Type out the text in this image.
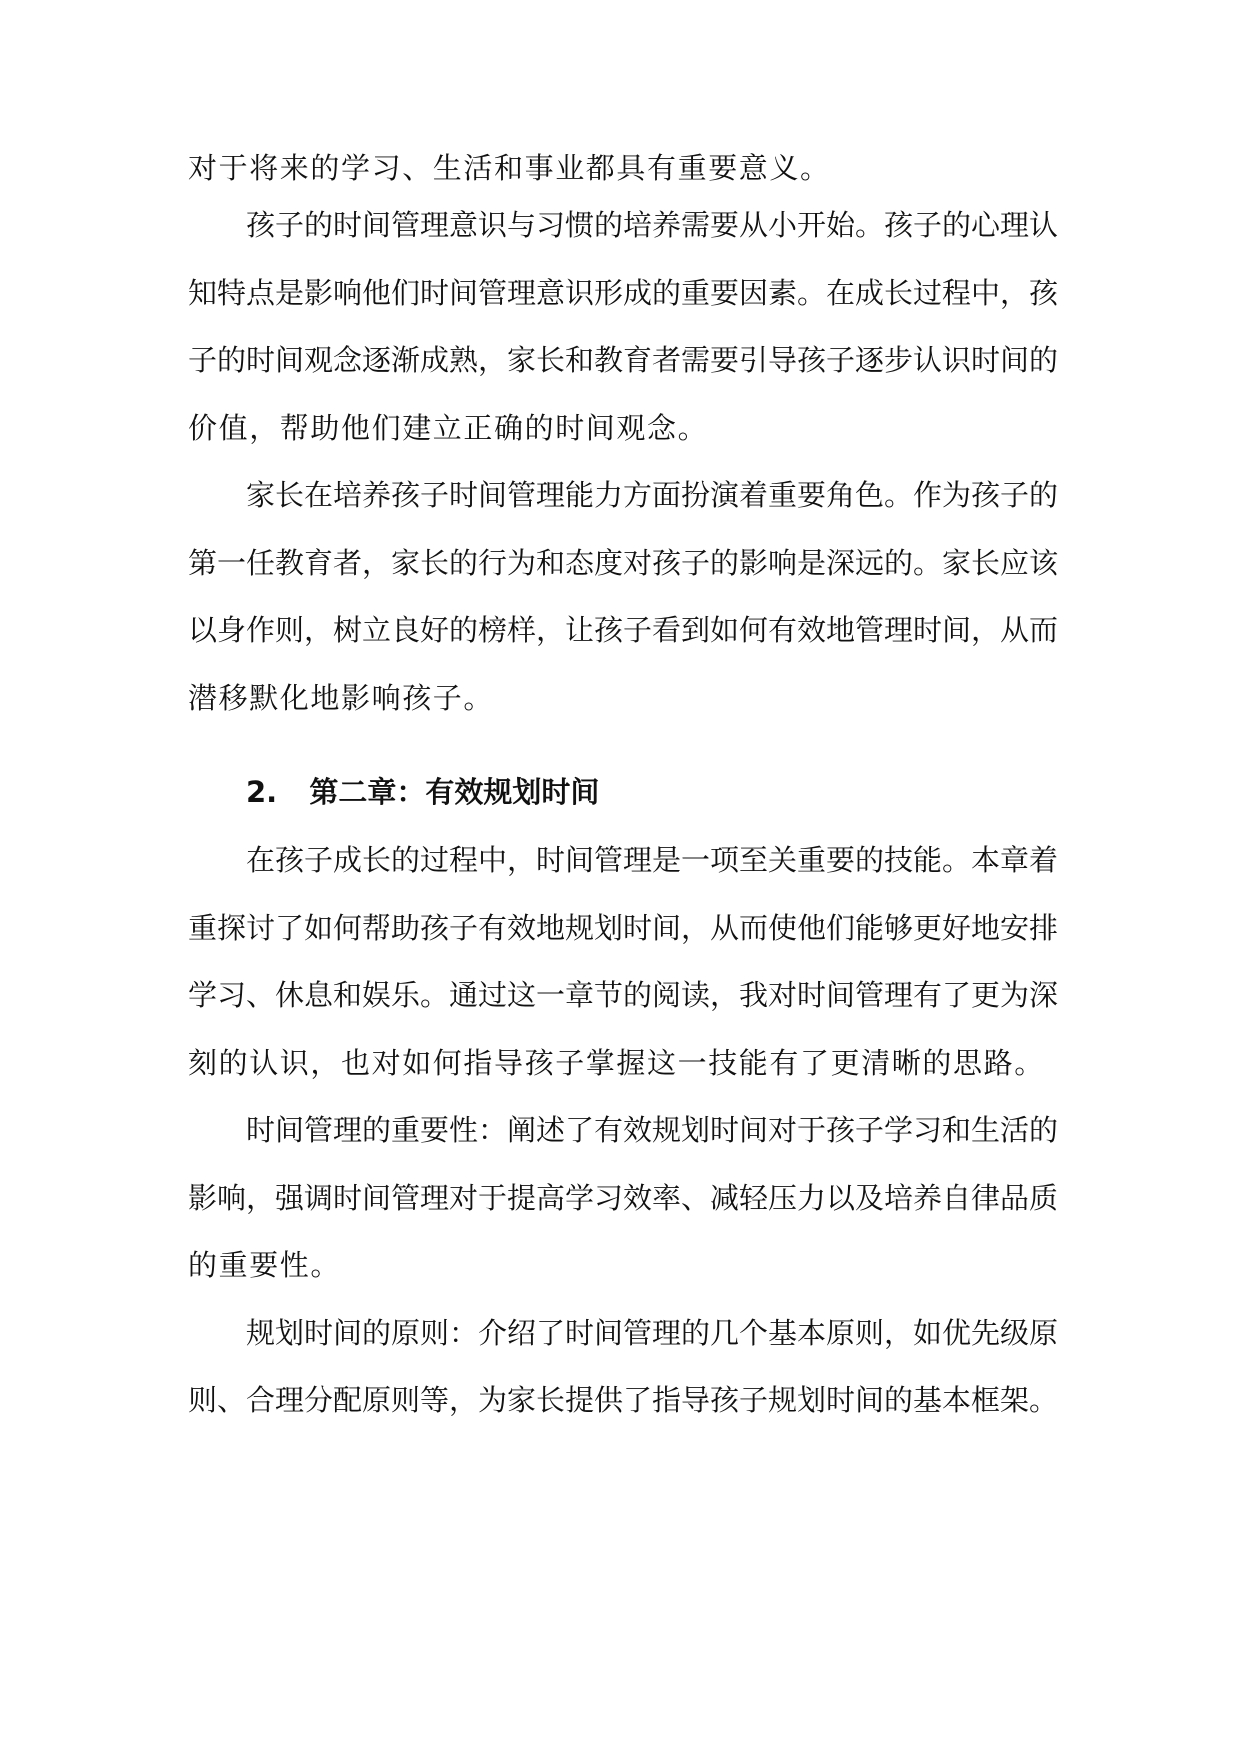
对于将来的学习、生活和事业都具有重要意义。
孩子的时间管理意识与习惯的培养需要从小开始。孩子的心理认
知特点是影响他们时间管理意识形成的重要因素。在成长过程中，孩
子的时间观念逐渐成熟，家长和教育者需要引导孩子逐步认识时间的
价值，帮助他们建立正确的时间观念。
家长在培养孩子时间管理能力方面扮演着重要角色。作为孩子的
第一任教育者，家长的行为和态度对孩子的影响是深远的。家长应该
以身作则，树立良好的榜样，让孩子看到如何有效地管理时间，从而
潜移默化地影响孩子。
2. 第二章：有效规划时间
在孩子成长的过程中，时间管理是一项至关重要的技能。本章着
重探讨了如何帮助孩子有效地规划时间，从而使他们能够更好地安排
学习、休息和娱乐。通过这一章节的阅读，我对时间管理有了更为深
刻的认识，也对如何指导孩子掌握这一技能有了更清晰的思路。
时间管理的重要性：阐述了有效规划时间对于孩子学习和生活的
影响，强调时间管理对于提高学习效率、减轻压力以及培养自律品质
的重要性。
规划时间的原则：介绍了时间管理的几个基本原则，如优先级原
则、合理分配原则等，为家长提供了指导孩子规划时间的基本框架。
